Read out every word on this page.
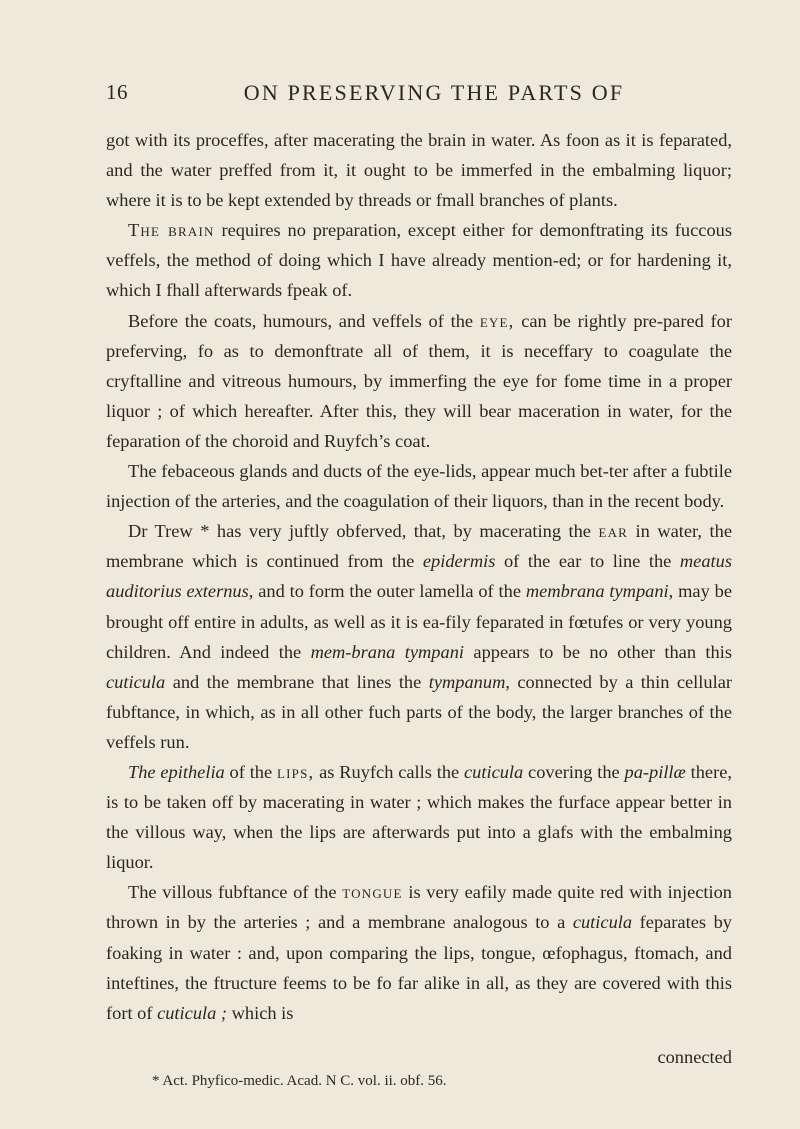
16	ON PRESERVING THE PARTS OF

got with its proceffes, after macerating the brain in water. As foon as it is feparated, and the water preffed from it, it ought to be immerfed in the embalming liquor; where it is to be kept extended by threads or fmall branches of plants.

The brain requires no preparation, except either for demonftrating its fuccous veffels, the method of doing which I have already mention-ed; or for hardening it, which I fhall afterwards fpeak of.

Before the coats, humours, and veffels of the eye, can be rightly pre-pared for preferving, fo as to demonftrate all of them, it is neceffary to coagulate the cryftalline and vitreous humours, by immerfing the eye for fome time in a proper liquor ; of which hereafter. After this, they will bear maceration in water, for the feparation of the choroid and Ruyfch’s coat.

The febaceous glands and ducts of the eye-lids, appear much bet-ter after a fubtile injection of the arteries, and the coagulation of their liquors, than in the recent body.

Dr Trew * has very juftly obferved, that, by macerating the ear in water, the membrane which is continued from the epidermis of the ear to line the meatus auditorius externus, and to form the outer lamella of the membrana tympani, may be brought off entire in adults, as well as it is ea-fily feparated in fœtufes or very young children. And indeed the mem-brana tympani appears to be no other than this cuticula and the membrane that lines the tympanum, connected by a thin cellular fubftance, in which, as in all other fuch parts of the body, the larger branches of the veffels run.

The epithelia of the lips, as Ruyfch calls the cuticula covering the pa-pillæ there, is to be taken off by macerating in water ; which makes the furface appear better in the villous way, when the lips are afterwards put into a glafs with the embalming liquor.

The villous fubftance of the tongue is very eafily made quite red with injection thrown in by the arteries ; and a membrane analogous to a cuticula feparates by foaking in water : and, upon comparing the lips, tongue, œfophagus, ftomach, and inteftines, the ftructure feems to be fo far alike in all, as they are covered with this fort of cuticula ; which is

connected
* Act. Phyfico-medic. Acad. N C. vol. ii. obf. 56.
